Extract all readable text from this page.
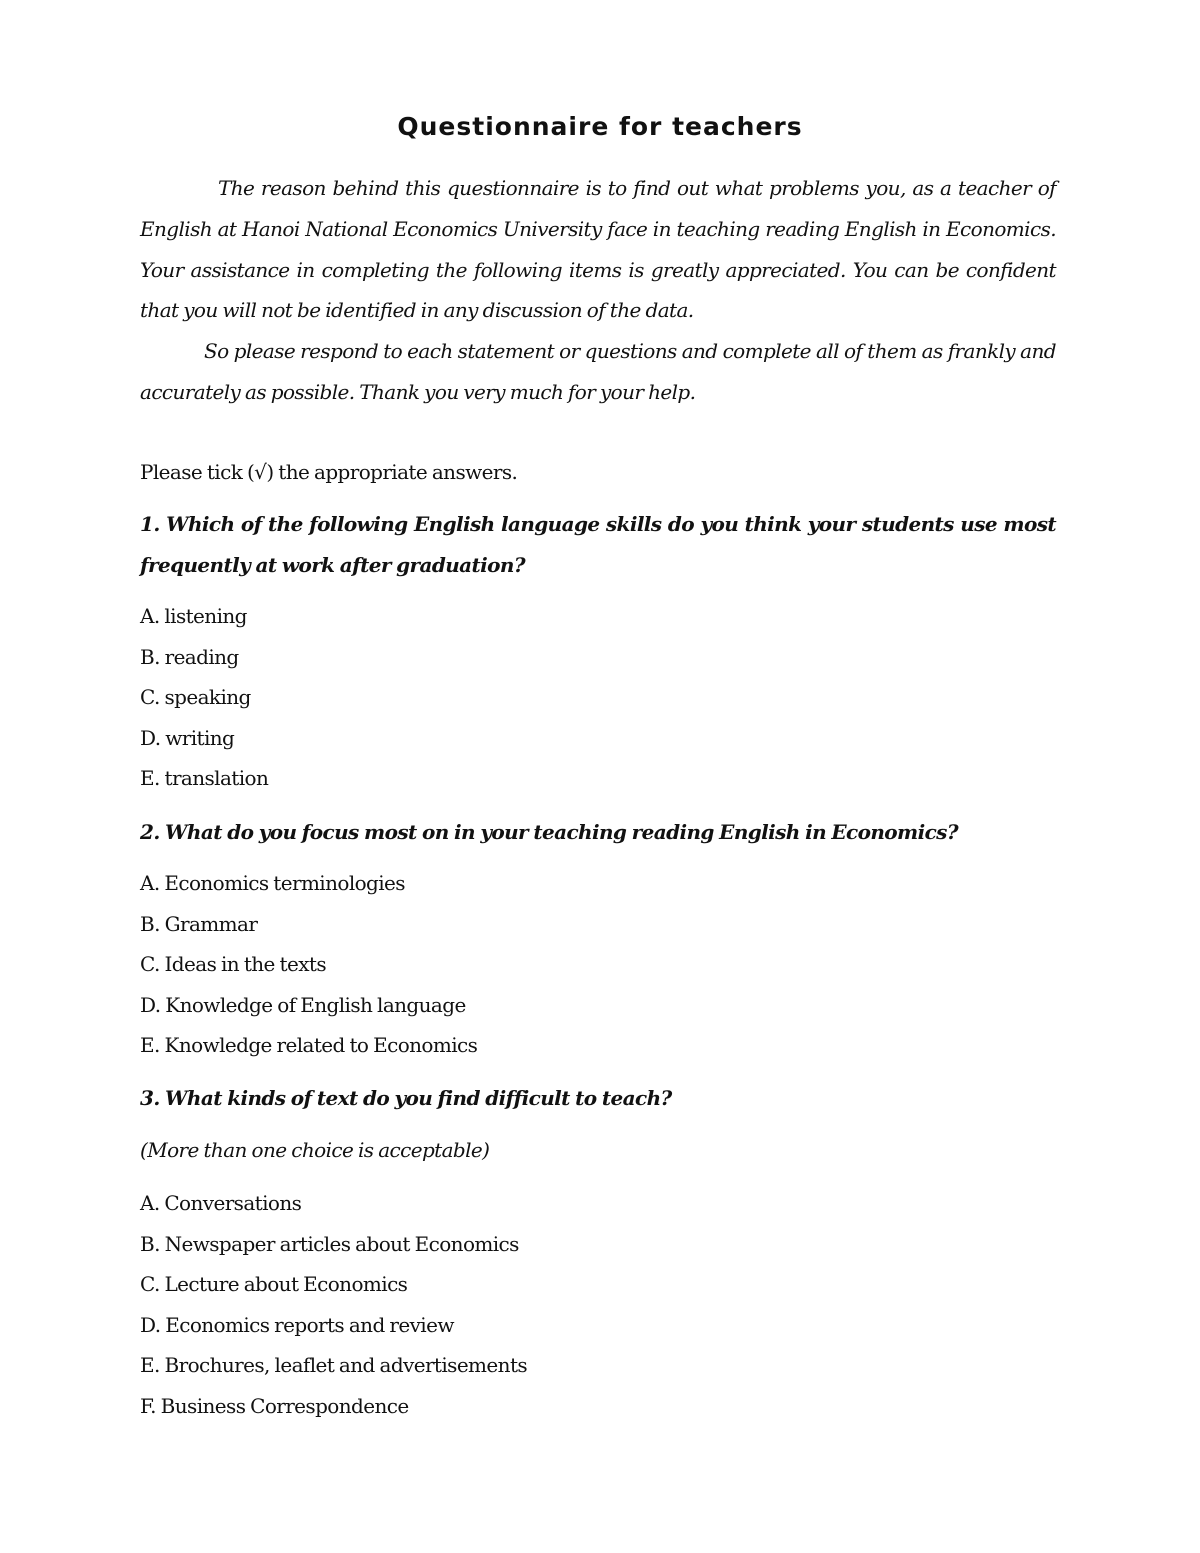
Questionnaire for teachers

The reason behind this questionnaire is to find out what problems you, as a teacher of English at Hanoi National Economics University face in teaching reading English in Economics. Your assistance in completing the following items is greatly appreciated. You can be confident that you will not be identified in any discussion of the data.

So please respond to each statement or questions and complete all of them as frankly and accurately as possible. Thank you very much for your help.

Please tick (√) the appropriate answers.

1. Which of the following English language skills do you think your students use most frequently at work after graduation?

A. listening
B. reading
C. speaking
D. writing
E. translation

2. What do you focus most on in your teaching reading English in Economics?

A. Economics terminologies
B. Grammar
C. Ideas in the texts
D. Knowledge of English language
E. Knowledge related to Economics

3. What kinds of text do you find difficult to teach?

(More than one choice is acceptable)

A. Conversations
B. Newspaper articles about Economics
C. Lecture about Economics
D. Economics reports and review
E. Brochures, leaflet and advertisements
F. Business Correspondence
